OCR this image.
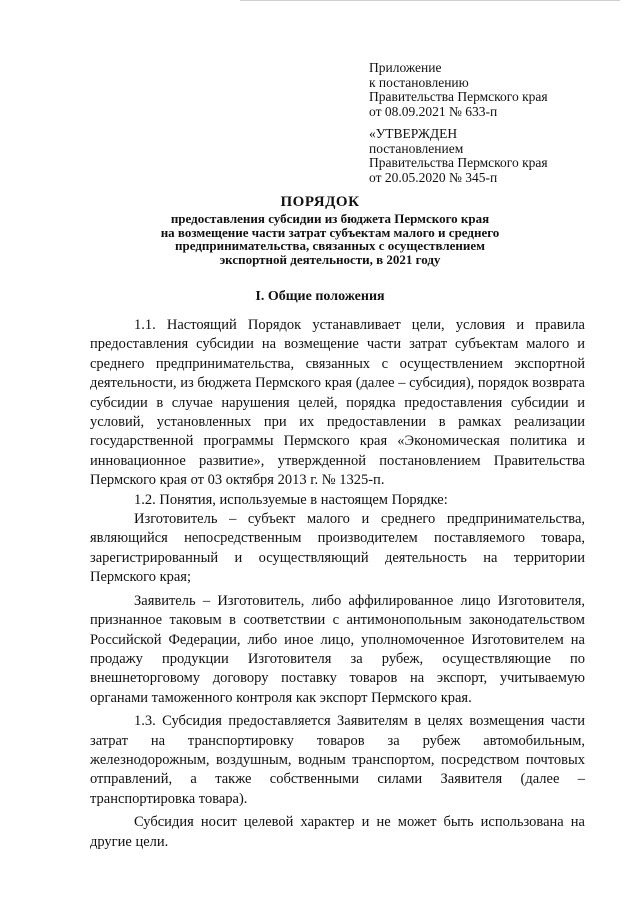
Приложение
к постановлению
Правительства Пермского края
от 08.09.2021 № 633-п
«УТВЕРЖДЕН
постановлением
Правительства Пермского края
от 20.05.2020 № 345-п
ПОРЯДОК
предоставления субсидии из бюджета Пермского края
на возмещение части затрат субъектам малого и среднего
предпринимательства, связанных с осуществлением
экспортной деятельности, в 2021 году
I. Общие положения

1.1. Настоящий Порядок устанавливает цели, условия и правила предоставления субсидии на возмещение части затрат субъектам малого и среднего предпринимательства, связанных с осуществлением экспортной деятельности, из бюджета Пермского края (далее – субсидия), порядок возврата субсидии в случае нарушения целей, порядка предоставления субсидии и условий, установленных при их предоставлении в рамках реализации государственной программы Пермского края «Экономическая политика и инновационное развитие», утвержденной постановлением Правительства Пермского края от 03 октября 2013 г. № 1325-п.

1.2. Понятия, используемые в настоящем Порядке:

Изготовитель – субъект малого и среднего предпринимательства, являющийся непосредственным производителем поставляемого товара, зарегистрированный и осуществляющий деятельность на территории Пермского края;

Заявитель – Изготовитель, либо аффилированное лицо Изготовителя, признанное таковым в соответствии с антимонопольным законодательством Российской Федерации, либо иное лицо, уполномоченное Изготовителем на продажу продукции Изготовителя за рубеж, осуществляющие по внешнеторговому договору поставку товаров на экспорт, учитываемую органами таможенного контроля как экспорт Пермского края.

1.3. Субсидия предоставляется Заявителям в целях возмещения части затрат на транспортировку товаров за рубеж автомобильным, железнодорожным, воздушным, водным транспортом, посредством почтовых отправлений, а также собственными силами Заявителя (далее – транспортировка товара).

Субсидия носит целевой характер и не может быть использована на другие цели.
